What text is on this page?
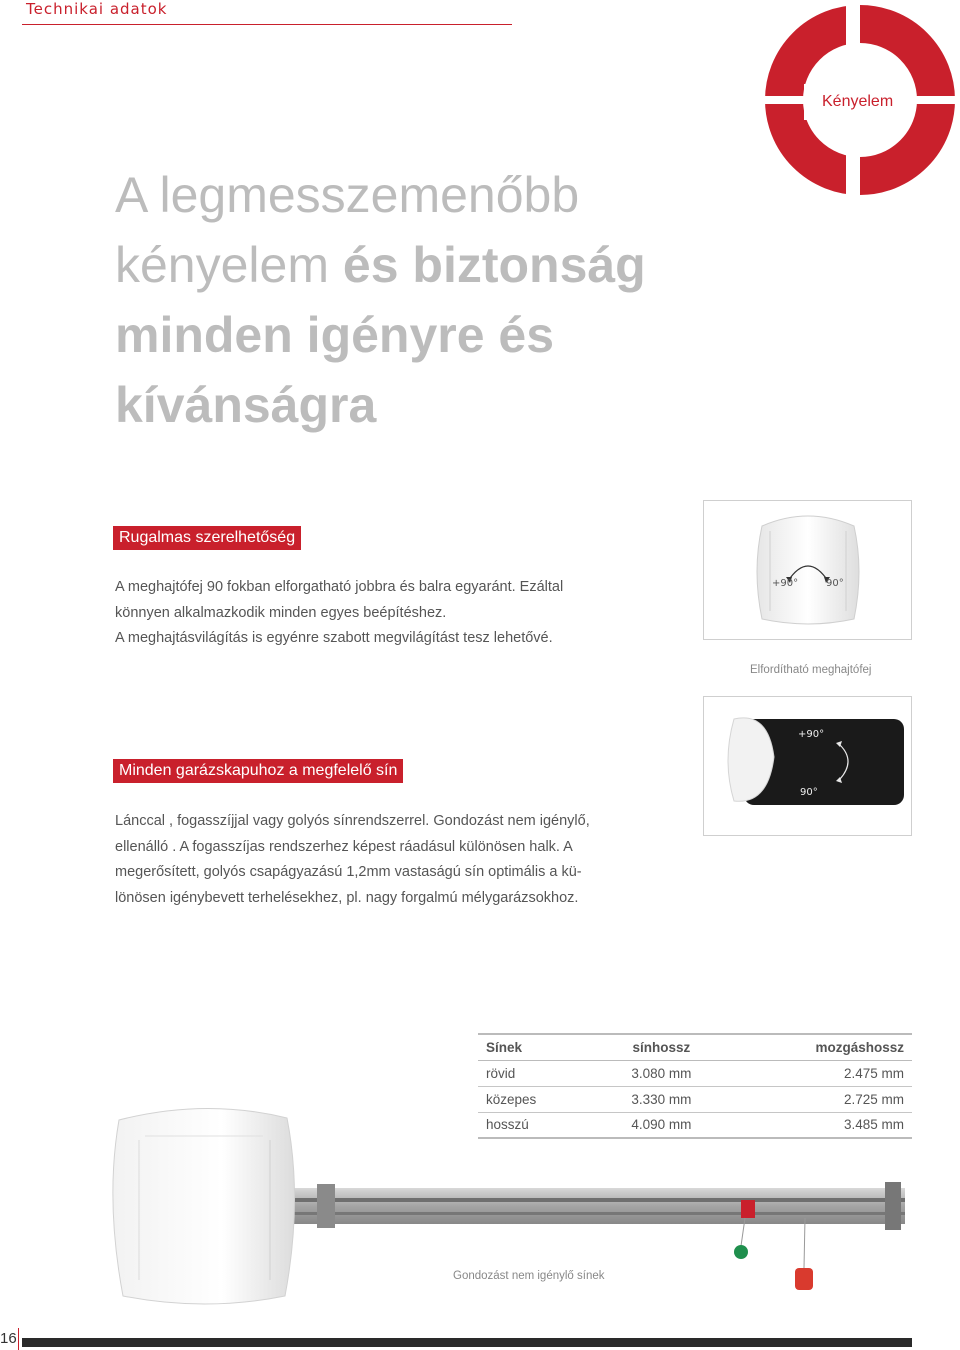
Technikai adatok
Kényelem
A legmesszemenőbb
kényelem és biztonság
minden igényre és
kívánságra
Rugalmas szerelhetőség
A meghajtófej 90 fokban elforgatható jobbra és balra egyaránt. Ezáltal
könnyen alkalmazkodik minden egyes beépítéshez.
A meghajtásvilágítás is egyénre szabott megvilágítást tesz lehetővé.
+90°	90°
Elfordítható meghajtófej
Minden garázskapuhoz a megfelelő sín
Lánccal , fogasszíjjal vagy golyós sínrendszerrel. Gondozást nem igénylő,
ellenálló . A fogasszíjas rendszerhez képest ráadásul különösen halk. A
megerősített, golyós csapágyazású 1,2mm vastaságú sín optimális a kü-
lönösen igénybevett terhelésekhez, pl. nagy forgalmú mélygarázsokhoz.
+90°
90°
Sínek	sínhossz	mozgáshossz
rövid	3.080 mm	2.475 mm
közepes	3.330 mm	2.725 mm
hosszú	4.090 mm	3.485 mm
Gondozást nem igénylő sínek
16
